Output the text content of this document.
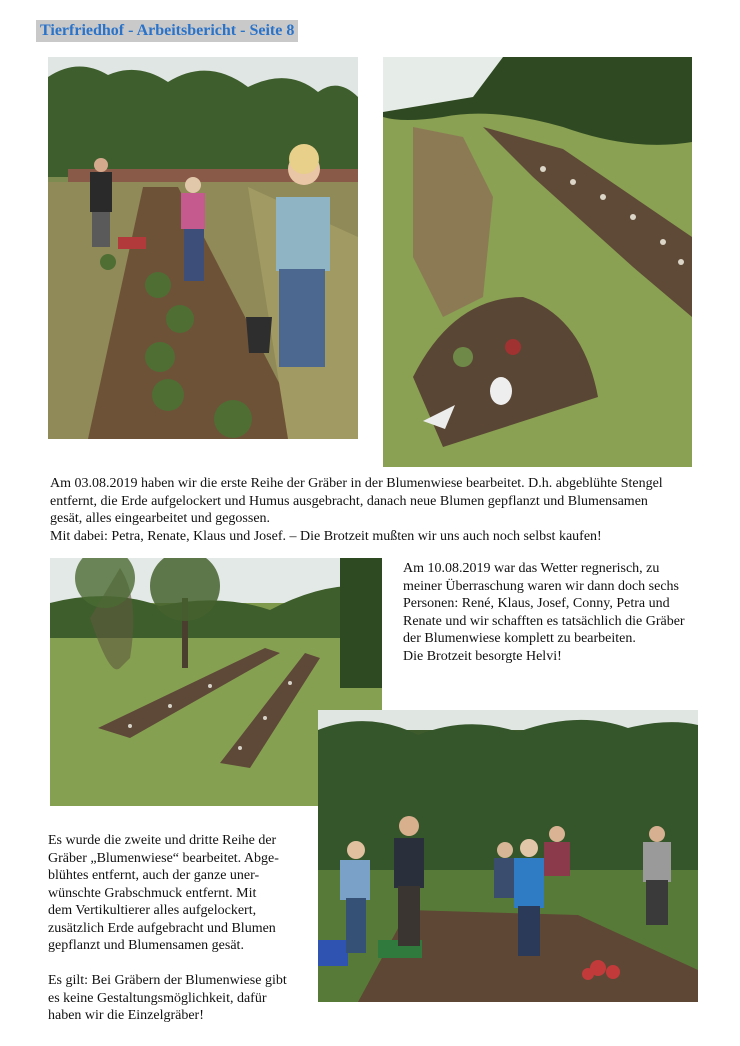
Tierfriedhof - Arbeitsbericht - Seite 8

Am 03.08.2019 haben wir die erste Reihe der Gräber in der Blumenwiese bearbeitet. D.h. abgeblühte Stengel

entfernt, die Erde aufgelockert und Humus ausgebracht, danach neue Blumen gepflanzt und Blumensamen

gesät, alles eingearbeitet und gegossen.

Mit dabei: Petra, Renate, Klaus und Josef. – Die Brotzeit mußten wir uns auch noch selbst kaufen!

Am 10.08.2019 war das Wetter regnerisch, zu

meiner Überraschung waren wir dann doch sechs

Personen: René, Klaus, Josef, Conny, Petra und

Renate und wir schafften es tatsächlich die Gräber

der Blumenwiese komplett zu bearbeiten.

Die Brotzeit besorgte Helvi!

Es wurde die zweite und dritte Reihe der

Gräber „Blumenwiese“ bearbeitet. Abge-

blühtes entfernt, auch der ganze uner-

wünschte Grabschmuck entfernt. Mit

dem Vertikultierer alles aufgelockert,

zusätzlich Erde aufgebracht und Blumen

gepflanzt und Blumensamen gesät.

Es gilt: Bei Gräbern der Blumenwiese gibt

es keine Gestaltungsmöglichkeit, dafür

haben wir die Einzelgräber!
